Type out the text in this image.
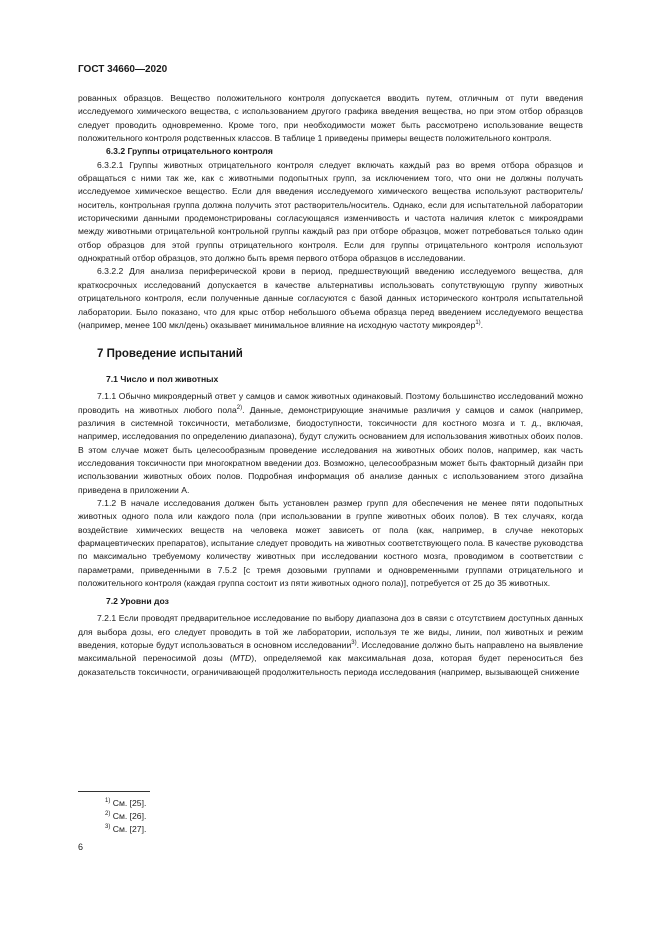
ГОСТ 34660—2020

рованных образцов. Вещество положительного контроля допускается вводить путем, отличным от пути введения исследуемого химического вещества, с использованием другого графика введения вещества, но при этом отбор образцов следует проводить одновременно. Кроме того, при необходимости может быть рассмотрено использование веществ положительного контроля родственных классов. В таблице 1 приведены примеры веществ положительного контроля.

6.3.2 Группы отрицательного контроля

6.3.2.1 Группы животных отрицательного контроля следует включать каждый раз во время отбора образцов и обращаться с ними так же, как с животными подопытных групп, за исключением того, что они не должны получать исследуемое химическое вещество. Если для введения исследуемого химического вещества используют растворитель/носитель, контрольная группа должна получить этот растворитель/носитель. Однако, если для испытательной лаборатории историческими данными продемонстрированы согласующаяся изменчивость и частота наличия клеток с микроядрами между животными отрицательной контрольной группы каждый раз при отборе образцов, может потребоваться только один отбор образцов для этой группы отрицательного контроля. Если для группы отрицательного контроля используют однократный отбор образцов, это должно быть время первого отбора образцов в исследовании.

6.3.2.2 Для анализа периферической крови в период, предшествующий введению исследуемого вещества, для краткосрочных исследований допускается в качестве альтернативы использовать сопутствующую группу животных отрицательного контроля, если полученные данные согласуются с базой данных исторического контроля испытательной лаборатории. Было показано, что для крыс отбор небольшого объема образца перед введением исследуемого вещества (например, менее 100 мкл/день) оказывает минимальное влияние на исходную частоту микроядер$^{1)}$.

7 Проведение испытаний
7.1 Число и пол животных

7.1.1 Обычно микроядерный ответ у самцов и самок животных одинаковый. Поэтому большинство исследований можно проводить на животных любого пола$^{2)}$. Данные, демонстрирующие значимые различия у самцов и самок (например, различия в системной токсичности, метаболизме, биодоступности, токсичности для костного мозга и т. д., включая, например, исследования по определению диапазона), будут служить основанием для использования животных обоих полов. В этом случае может быть целесообразным проведение исследования на животных обоих полов, например, как часть исследования токсичности при многократном введении доз. Возможно, целесообразным может быть факторный дизайн при использовании животных обоих полов. Подробная информация об анализе данных с использованием этого дизайна приведена в приложении А.

7.1.2 В начале исследования должен быть установлен размер групп для обеспечения не менее пяти подопытных животных одного пола или каждого пола (при использовании в группе животных обоих полов). В тех случаях, когда воздействие химических веществ на человека может зависеть от пола (как, например, в случае некоторых фармацевтических препаратов), испытание следует проводить на животных соответствующего пола. В качестве руководства по максимально требуемому количеству животных при исследовании костного мозга, проводимом в соответствии с параметрами, приведенными в 7.5.2 [с тремя дозовыми группами и одновременными группами отрицательного и положительного контроля (каждая группа состоит из пяти животных одного пола)], потребуется от 25 до 35 животных.

7.2 Уровни доз

7.2.1 Если проводят предварительное исследование по выбору диапазона доз в связи с отсутствием доступных данных для выбора дозы, его следует проводить в той же лаборатории, используя те же виды, линии, пол животных и режим введения, которые будут использоваться в основном исследовании$^{3)}$. Исследование должно быть направлено на выявление максимальной переносимой дозы (MTD), определяемой как максимальная доза, которая будет переноситься без доказательств токсичности, ограничивающей продолжительность периода исследования (например, вызывающей снижение

$^{1)}$ См. [25].
$^{2)}$ См. [26].
$^{3)}$ См. [27].
6
